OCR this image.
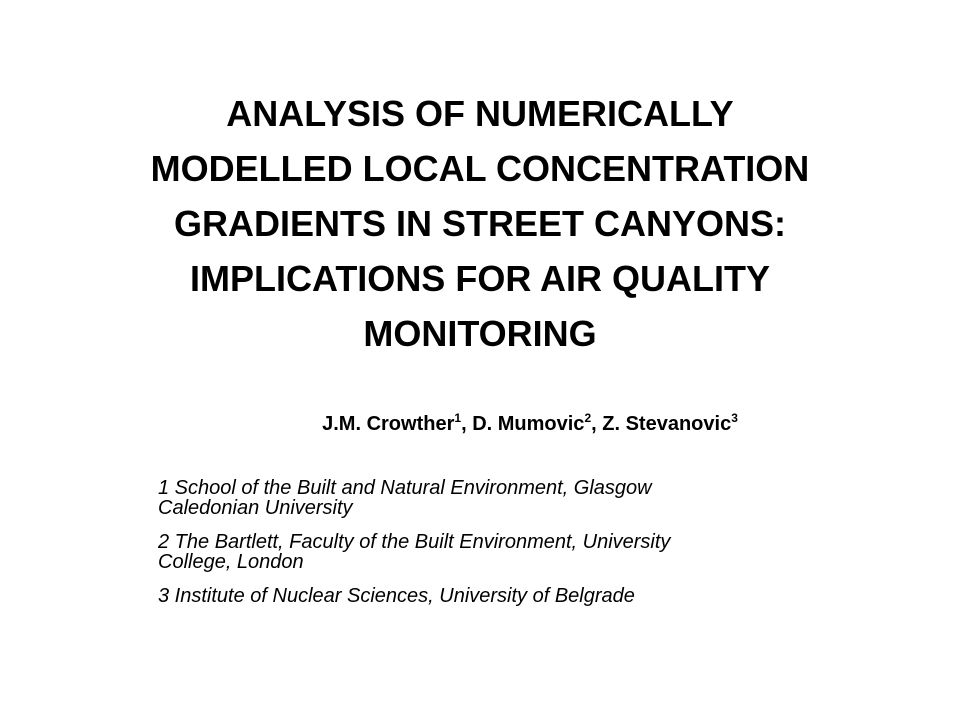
ANALYSIS OF NUMERICALLY
MODELLED LOCAL CONCENTRATION
GRADIENTS IN STREET CANYONS:
IMPLICATIONS FOR AIR QUALITY
MONITORING
J.M. Crowther$^1$, D. Mumovic$^2$, Z. Stevanovic$^3$
1 School of the Built and Natural Environment, Glasgow
Caledonian University
2 The Bartlett, Faculty of the Built Environment, University
College, London
3 Institute of Nuclear Sciences, University of Belgrade
